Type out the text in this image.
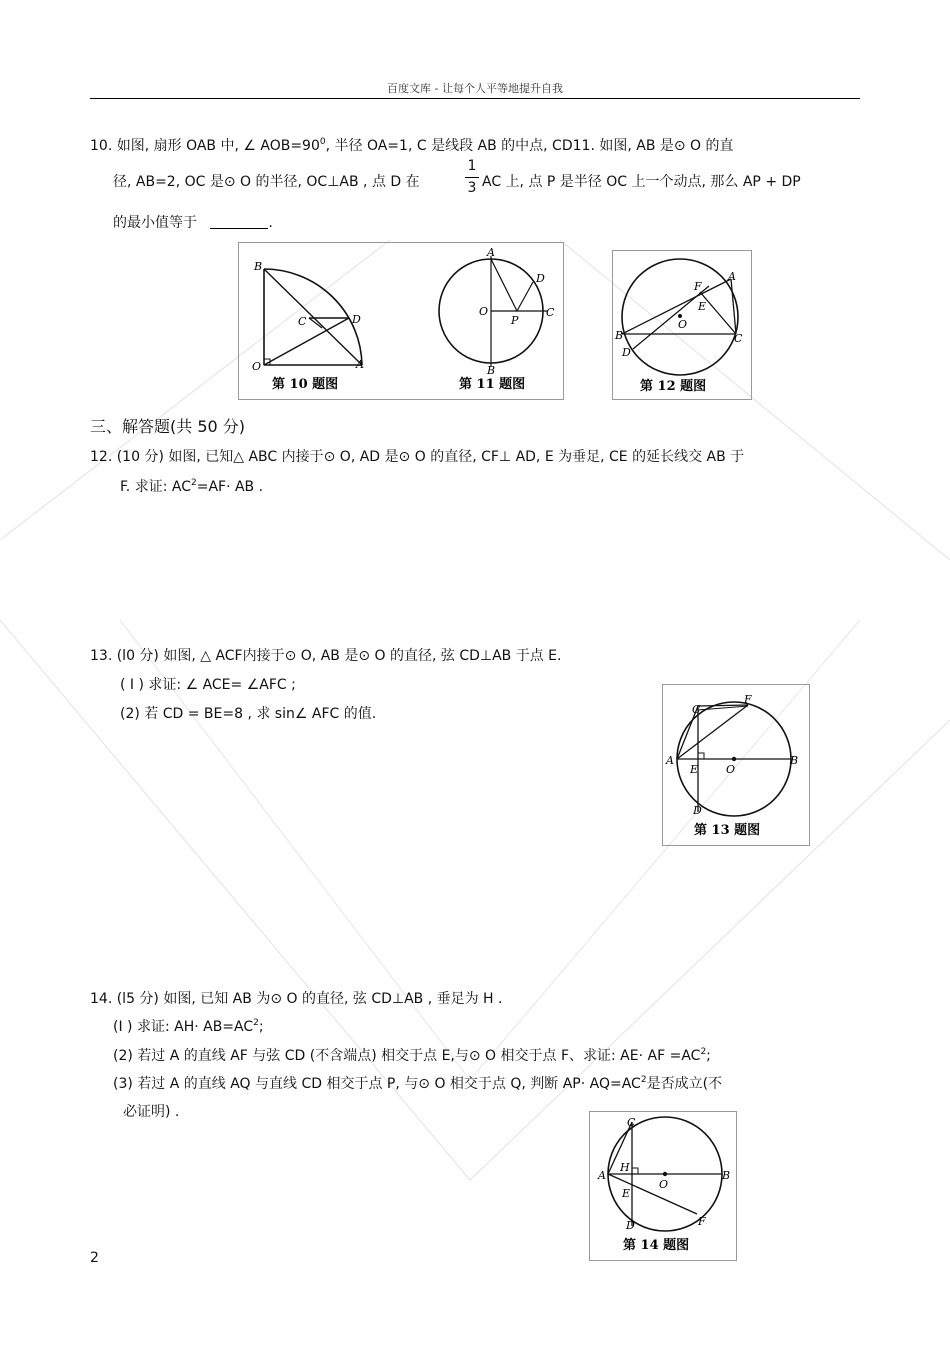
百度文库 - 让每个人平等地提升自我
10. 如图, 扇形 OAB 中, ∠ $AOB=90^0$, 半径 OA=1, C 是线段 AB 的中点, CD11. 如图, AB 是⊙ O 的直
径, AB=2, OC 是⊙ O 的半径, OC⊥AB , 点 D 在
1
3 AC 上, 点 P 是半径 OC 上一个动点, 那么 AP + DP
的最小值等于	.
B
C	D
O	A
第 10 题图
A
D
O
P
C
B
第 11 题图
F
A
E
O
B	C
D
第 12 题图
三、解答题(共 50 分)
12. (10 分) 如图, 已知△ ABC 内接于⊙ O, AD 是⊙ O 的直径, CF⊥ AD, E 为垂足, CE 的延长线交 AB 于
F. 求证: $AC^2=AF\cdot$ AB .
13. (l0 分) 如图, △ ACF内接于⊙ O, AB 是⊙ O 的直径, 弦 CD⊥AB 于点 E.
( I ) 求证: ∠ ACE= ∠AFC ;
(2) 若 CD = BE=8 , 求 sin∠ AFC 的值.	C
F
A
E	O
B
D
第 13 题图
14. (l5 分) 如图, 已知 AB 为⊙ O 的直径, 弦 CD⊥AB , 垂足为 H .
(I ) 求证: $AH\cdot AB=AC^2$;
(2) 若过 A 的直线 AF 与弦 CD (不含端点) 相交于点 E,与⊙ O 相交于点 F、求证: AE· AF $=AC^2$;
(3) 若过 A 的直线 AQ 与直线 CD 相交于点 P, 与⊙ O 相交于点 Q, 判断 $AP\cdot AQ=AC^2$是否成立(不
必证明) .
C
H
A
O
B
E
D	F
第 14 题图
2
